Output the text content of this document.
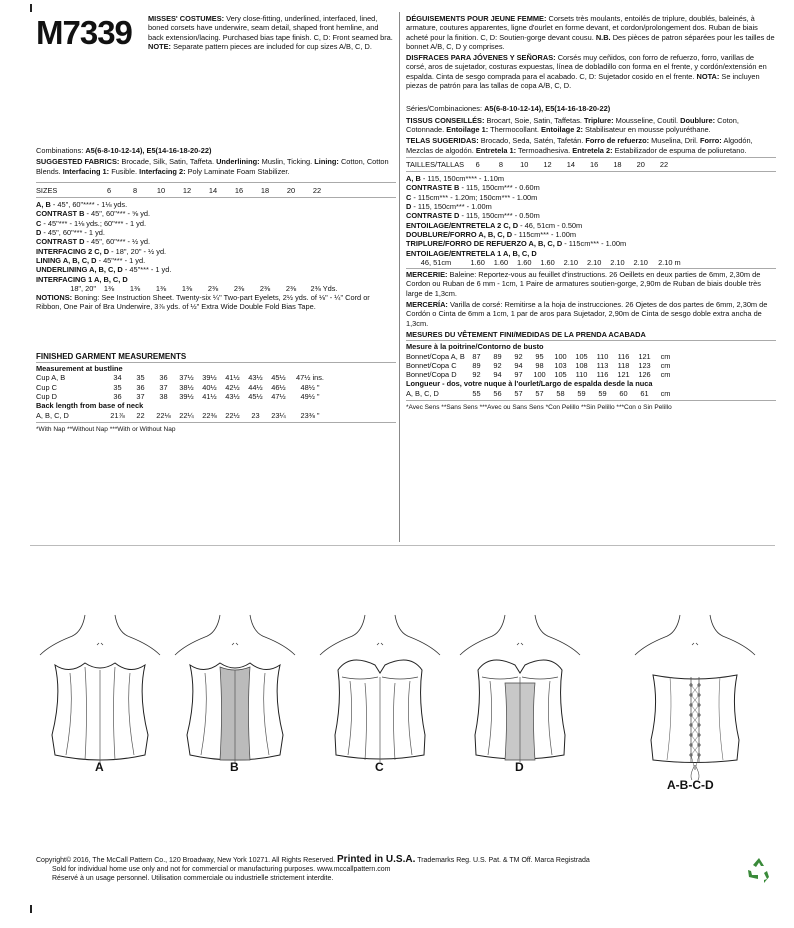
M7339 MISSES' COSTUMES: Very close-fitting, underlined, interfaced, lined, boned corsets have underwire, seam detail, shaped front hemline, and back extension/lacing. Purchased bias tape finish. C, D: Front seamed bra. NOTE: Separate pattern pieces are included for cup sizes A/B, C, D.
Combinations: A5(6-8-10-12-14), E5(14-16-18-20-22)
SUGGESTED FABRICS: Brocade, Silk, Satin, Taffeta. Underlining: Muslin, Ticking. Lining: Cotton, Cotton Blends. Interfacing 1: Fusible. Interfacing 2: Poly Laminate Foam Stabilizer.
SIZES	6	8	10	12	14	16	18	20	22
A, B - 45", 60"**** - 1⅛ yds.
CONTRAST B - 45", 60"*** - ⅝ yd.
C - 45"*** - 1⅛ yds.; 60"*** - 1 yd.
D - 45", 60"*** - 1 yd.
CONTRAST D - 45", 60"*** - ½ yd.
INTERFACING 2 C, D - 18", 20" - ½ yd.
LINING A, B, C, D - 45"*** - 1 yd.
UNDERLINING A, B, C, D - 45"*** - 1 yd.
INTERFACING 1 A, B, C, D
18", 20"	1⅜	1⅜	1⅜	1⅜	2⅜	2⅜	2⅜	2⅜	2⅜ Yds.
NOTIONS: Boning: See Instruction Sheet. Twenty-six ¼" Two-part Eyelets, 2½ yds. of ⅛" - ¼" Cord or Ribbon, One Pair of Bra Underwire, 3⅞ yds. of ½" Extra Wide Double Fold Bias Tape.
FINISHED GARMENT MEASUREMENTS
Measurement at bustline
Cup A, B	34	35	36	37½	39½	41½	43½	45½	47½ ins.
Cup C	35	36	37	38½	40½	42½	44½	46½	48½ "
Cup D	36	37	38	39½	41½	43½	45½	47½	49½ "
Back length from base of neck
A, B, C, D	21⅞	22	22⅛	22¼	22⅜	22½	23	23¼	23⅜ "
*With Nap **Without Nap ***With or Without Nap
DÉGUISEMENTS POUR JEUNE FEMME: Corsets très moulants, entoilés de triplure, doublés, baleinés, à armature, coutures apparentes, ligne d'ourlet en forme devant, et cordon/prolongement dos. Ruban de biais acheté pour la finition. C, D: Soutien-gorge devant cousu. N.B. Des pièces de patron séparées pour les tailles de bonnet A/B, C, D y comprises.
DISFRACES PARA JÓVENES Y SEÑORAS: Corsés muy ceñidos, con forro de refuerzo, forro, varillas de corsé, aros de sujetador, costuras expuestas, línea de dobladillo con forma en el frente, y cordón/extensión en espalda. Cinta de sesgo comprada para el acabado. C, D: Sujetador cosido en el frente. NOTA: Se incluyen piezas de patrón para las tallas de copa A/B, C, D.
Séries/Combinaciones: A5(6-8-10-12-14), E5(14-16-18-20-22)
TISSUS CONSEILLÉS: Brocart, Soie, Satin, Taffetas. Triplure: Mousseline, Coutil. Doublure: Coton, Cotonnade. Entoilage 1: Thermocollant. Entoilage 2: Stabilisateur en mousse polyuréthane.
TELAS SUGERIDAS: Brocado, Seda, Satén, Tafetán. Forro de refuerzo: Muselina, Dril. Forro: Algodón, Mezclas de algodón. Entretela 1: Termoadhesiva. Entretela 2: Estabilizador de espuma de poliuretano.
TAILLES/TALLAS	6	8	10	12	14	16	18	20	22
A, B - 115, 150cm**** - 1.10m
CONTRASTE B - 115, 150cm*** - 0.60m
C - 115cm*** - 1.20m; 150cm*** - 1.00m
D - 115, 150cm*** - 1.00m
CONTRASTE D - 115, 150cm*** - 0.50m
ENTOILAGE/ENTRETELA 2 C, D - 46, 51cm - 0.50m
DOUBLURE/FORRO A, B, C, D - 115cm*** - 1.00m
TRIPLURE/FORRO DE REFUERZO A, B, C, D - 115cm*** - 1.00m
ENTOILAGE/ENTRETELA 1 A, B, C, D
46, 51cm	1.60	1.60	1.60	1.60	2.10	2.10	2.10	2.10	2.10 m
MERCERIE: Baleine: Reportez-vous au feuillet d'instructions. 26 Oeillets en deux parties de 6mm, 2,30m de Cordon ou Ruban de 6 mm - 1cm, 1 Paire de armatures soutien-gorge, 2,90m de Ruban de biais double très large de 1,3cm.
MERCERÍA: Varilla de corsé: Remitirse a la hoja de instrucciones. 26 Ojetes de dos partes de 6mm, 2,30m de Cordón o Cinta de 6mm a 1cm, 1 par de aros para Sujetador, 2,90m de Cinta de sesgo doble extra ancha de 1,3cm.
MESURES DU VÊTEMENT FINI/MEDIDAS DE LA PRENDA ACABADA
Mesure à la poitrine/Contorno de busto
Bonnet/Copa A, B	87	89	92	95	100	105	110	116	121	cm
Bonnet/Copa C	89	92	94	98	103	108	113	118	123	cm
Bonnet/Copa D	92	94	97	100	105	110	116	121	126	cm
Longueur - dos, votre nuque à l'ourlet/Largo de espalda desde la nuca
A, B, C, D	55	56	57	57	58	59	59	60	61	cm
*Avec Sens **Sans Sens ***Avec ou Sans Sens *Con Pelillo **Sin Pelillo ***Con o Sin Pelillo
A	B	C	D
A-B-C-D
Copyright© 2016, The McCall Pattern Co., 120 Broadway, New York 10271. All Rights Reserved. Printed in U.S.A. Trademarks Reg. U.S. Pat. & TM Off. Marca Registrada
Sold for individual home use only and not for commercial or manufacturing purposes. www.mccallpattern.com
Réservé à un usage personnel. Utilisation commerciale ou industrielle strictement interdite.
